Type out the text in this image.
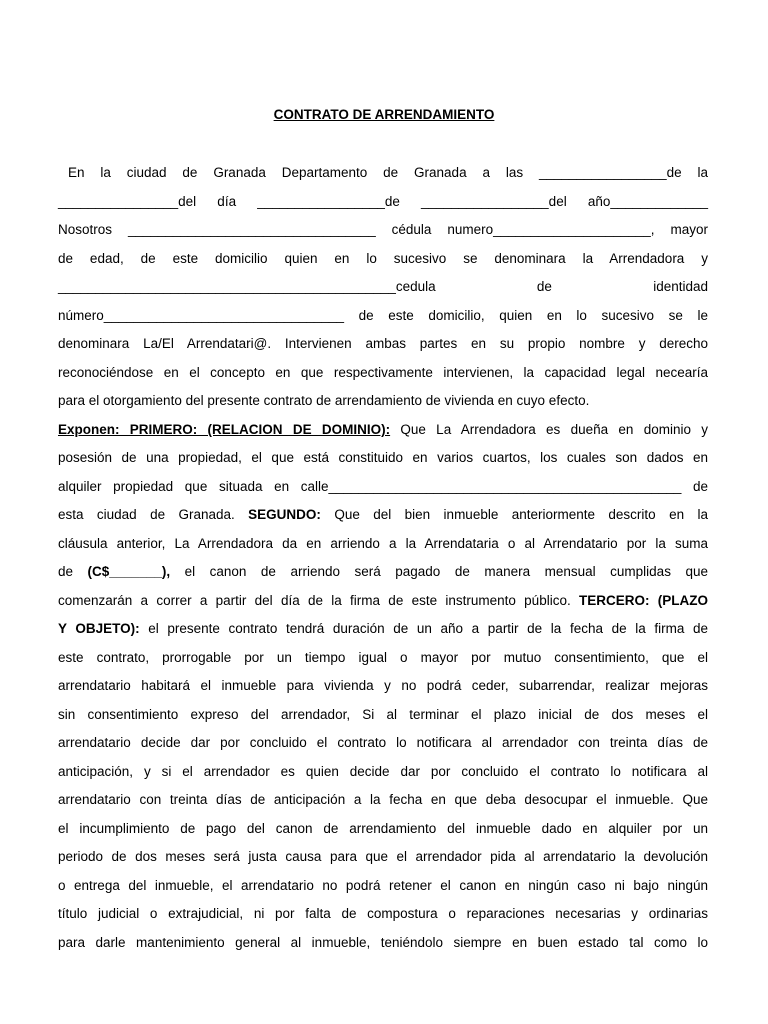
CONTRATO DE ARRENDAMIENTO

En la ciudad de Granada Departamento de Granada a las _________________de la

________________del día _________________de _________________del año_____________

Nosotros _________________________________ cédula numero_____________________, mayor

de edad, de este domicilio quien en lo sucesivo se denominara la Arrendadora y

_____________________________________________cedula de identidad

número________________________________ de este domicilio, quien en lo sucesivo se le

denominara La/El Arrendatari@. Intervienen ambas partes en su propio nombre y derecho

reconociéndose en el concepto en que respectivamente intervienen, la capacidad legal necearía

para el otorgamiento del presente contrato de arrendamiento de vivienda en cuyo efecto.

Exponen: PRIMERO: (RELACION DE DOMINIO): Que La Arrendadora es dueña en dominio y

posesión de una propiedad, el que está constituido en varios cuartos, los cuales son dados en

alquiler propiedad que situada en calle_______________________________________________ de

esta ciudad de Granada. SEGUNDO: Que del bien inmueble anteriormente descrito en la

cláusula anterior, La Arrendadora da en arriendo a la Arrendataria o al Arrendatario por la suma

de (C$_______), el canon de arriendo será pagado de manera mensual cumplidas que

comenzarán a correr a partir del día de la firma de este instrumento público. TERCERO: (PLAZO

Y OBJETO): el presente contrato tendrá duración de un año a partir de la fecha de la firma de

este contrato, prorrogable por un tiempo igual o mayor por mutuo consentimiento, que el

arrendatario habitará el inmueble para vivienda y no podrá ceder, subarrendar, realizar mejoras

sin consentimiento expreso del arrendador, Si al terminar el plazo inicial de dos meses el

arrendatario decide dar por concluido el contrato lo notificara al arrendador con treinta días de

anticipación, y si el arrendador es quien decide dar por concluido el contrato lo notificara al

arrendatario con treinta días de anticipación a la fecha en que deba desocupar el inmueble. Que

el incumplimiento de pago del canon de arrendamiento del inmueble dado en alquiler por un

periodo de dos meses será justa causa para que el arrendador pida al arrendatario la devolución

o entrega del inmueble, el arrendatario no podrá retener el canon en ningún caso ni bajo ningún

título judicial o extrajudicial, ni por falta de compostura o reparaciones necesarias y ordinarias

para darle mantenimiento general al inmueble, teniéndolo siempre en buen estado tal como lo
